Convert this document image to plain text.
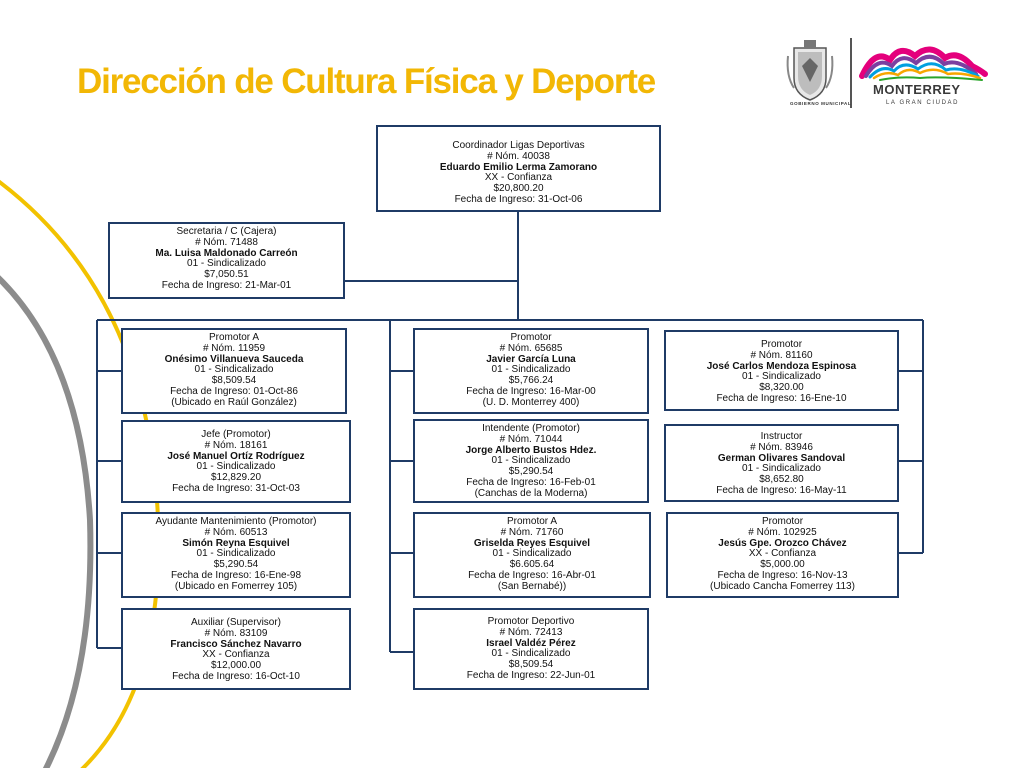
Dirección de Cultura Física y Deporte
GOBIERNO MUNICIPAL
MONTERREY
LA GRAN CIUDAD
Coordinador Ligas Deportivas
# Nóm. 40038
Eduardo Emilio Lerma Zamorano
XX - Confianza
$20,800.20
Fecha de Ingreso: 31-Oct-06
Secretaria / C (Cajera)
# Nóm. 71488
Ma. Luisa Maldonado Carreón
01 - Sindicalizado
$7,050.51
Fecha de Ingreso: 21-Mar-01
Promotor A
# Nóm. 11959
Onésimo Villanueva Sauceda
01 - Sindicalizado
$8,509.54
Fecha de Ingreso: 01-Oct-86
(Ubicado en Raúl González)
Jefe (Promotor)
# Nóm. 18161
José Manuel Ortíz Rodríguez
01 - Sindicalizado
$12,829.20
Fecha de Ingreso: 31-Oct-03
Ayudante Mantenimiento (Promotor)
# Nóm. 60513
Simón Reyna Esquivel
01 - Sindicalizado
$5,290.54
Fecha de Ingreso: 16-Ene-98
(Ubicado en Fomerrey 105)
Auxiliar (Supervisor)
# Nóm. 83109
Francisco Sánchez Navarro
XX - Confianza
$12,000.00
Fecha de Ingreso: 16-Oct-10
Promotor
# Nóm. 65685
Javier García Luna
01 - Sindicalizado
$5,766.24
Fecha de Ingreso: 16-Mar-00
(U. D. Monterrey 400)
Intendente (Promotor)
# Nóm. 71044
Jorge Alberto Bustos Hdez.
01 - Sindicalizado
$5,290.54
Fecha de Ingreso: 16-Feb-01
(Canchas de la Moderna)
Promotor A
# Nóm. 71760
Griselda Reyes Esquivel
01 - Sindicalizado
$6.605.64
Fecha de Ingreso: 16-Abr-01
(San Bernabé))
Promotor Deportivo
# Nóm. 72413
Israel Valdéz Pérez
01 - Sindicalizado
$8,509.54
Fecha de Ingreso: 22-Jun-01
Promotor
# Nóm. 81160
José Carlos Mendoza Espinosa
01 - Sindicalizado
$8,320.00
Fecha de Ingreso: 16-Ene-10
Instructor
# Nóm. 83946
German Olivares Sandoval
01 - Sindicalizado
$8,652.80
Fecha de Ingreso: 16-May-11
Promotor
# Nóm. 102925
Jesús Gpe. Orozco Chávez
XX - Confianza
$5,000.00
Fecha de Ingreso: 16-Nov-13
(Ubicado Cancha Fomerrey 113)
